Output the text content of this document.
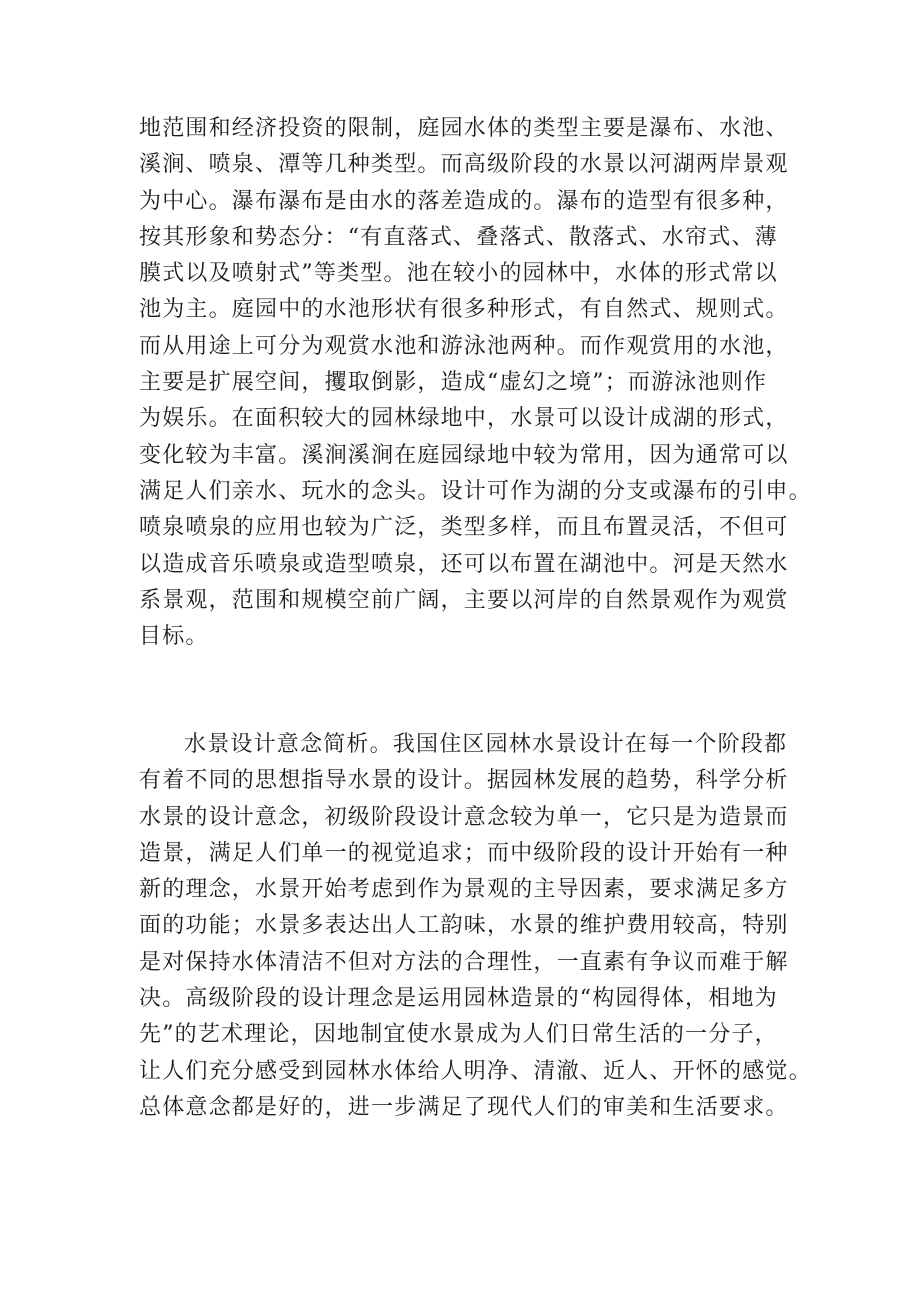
地范围和经济投资的限制，庭园水体的类型主要是瀑布、水池、
溪涧、喷泉、潭等几种类型。而高级阶段的水景以河湖两岸景观
为中心。瀑布瀑布是由水的落差造成的。瀑布的造型有很多种，
按其形象和势态分：“有直落式、叠落式、散落式、水帘式、薄
膜式以及喷射式”等类型。池在较小的园林中，水体的形式常以
池为主。庭园中的水池形状有很多种形式，有自然式、规则式。
而从用途上可分为观赏水池和游泳池两种。而作观赏用的水池，
主要是扩展空间，攫取倒影，造成“虚幻之境”；而游泳池则作
为娱乐。在面积较大的园林绿地中，水景可以设计成湖的形式，
变化较为丰富。溪涧溪涧在庭园绿地中较为常用，因为通常可以
满足人们亲水、玩水的念头。设计可作为湖的分支或瀑布的引申。
喷泉喷泉的应用也较为广泛，类型多样，而且布置灵活，不但可
以造成音乐喷泉或造型喷泉，还可以布置在湖池中。河是天然水
系景观，范围和规模空前广阔，主要以河岸的自然景观作为观赏
目标。
水景设计意念简析。我国住区园林水景设计在每一个阶段都
有着不同的思想指导水景的设计。据园林发展的趋势，科学分析
水景的设计意念，初级阶段设计意念较为单一，它只是为造景而
造景，满足人们单一的视觉追求；而中级阶段的设计开始有一种
新的理念，水景开始考虑到作为景观的主导因素，要求满足多方
面的功能；水景多表达出人工韵味，水景的维护费用较高，特别
是对保持水体清洁不但对方法的合理性，一直素有争议而难于解
决。高级阶段的设计理念是运用园林造景的“构园得体，相地为
先”的艺术理论，因地制宜使水景成为人们日常生活的一分子，
让人们充分感受到园林水体给人明净、清澈、近人、开怀的感觉。
总体意念都是好的，进一步满足了现代人们的审美和生活要求。
